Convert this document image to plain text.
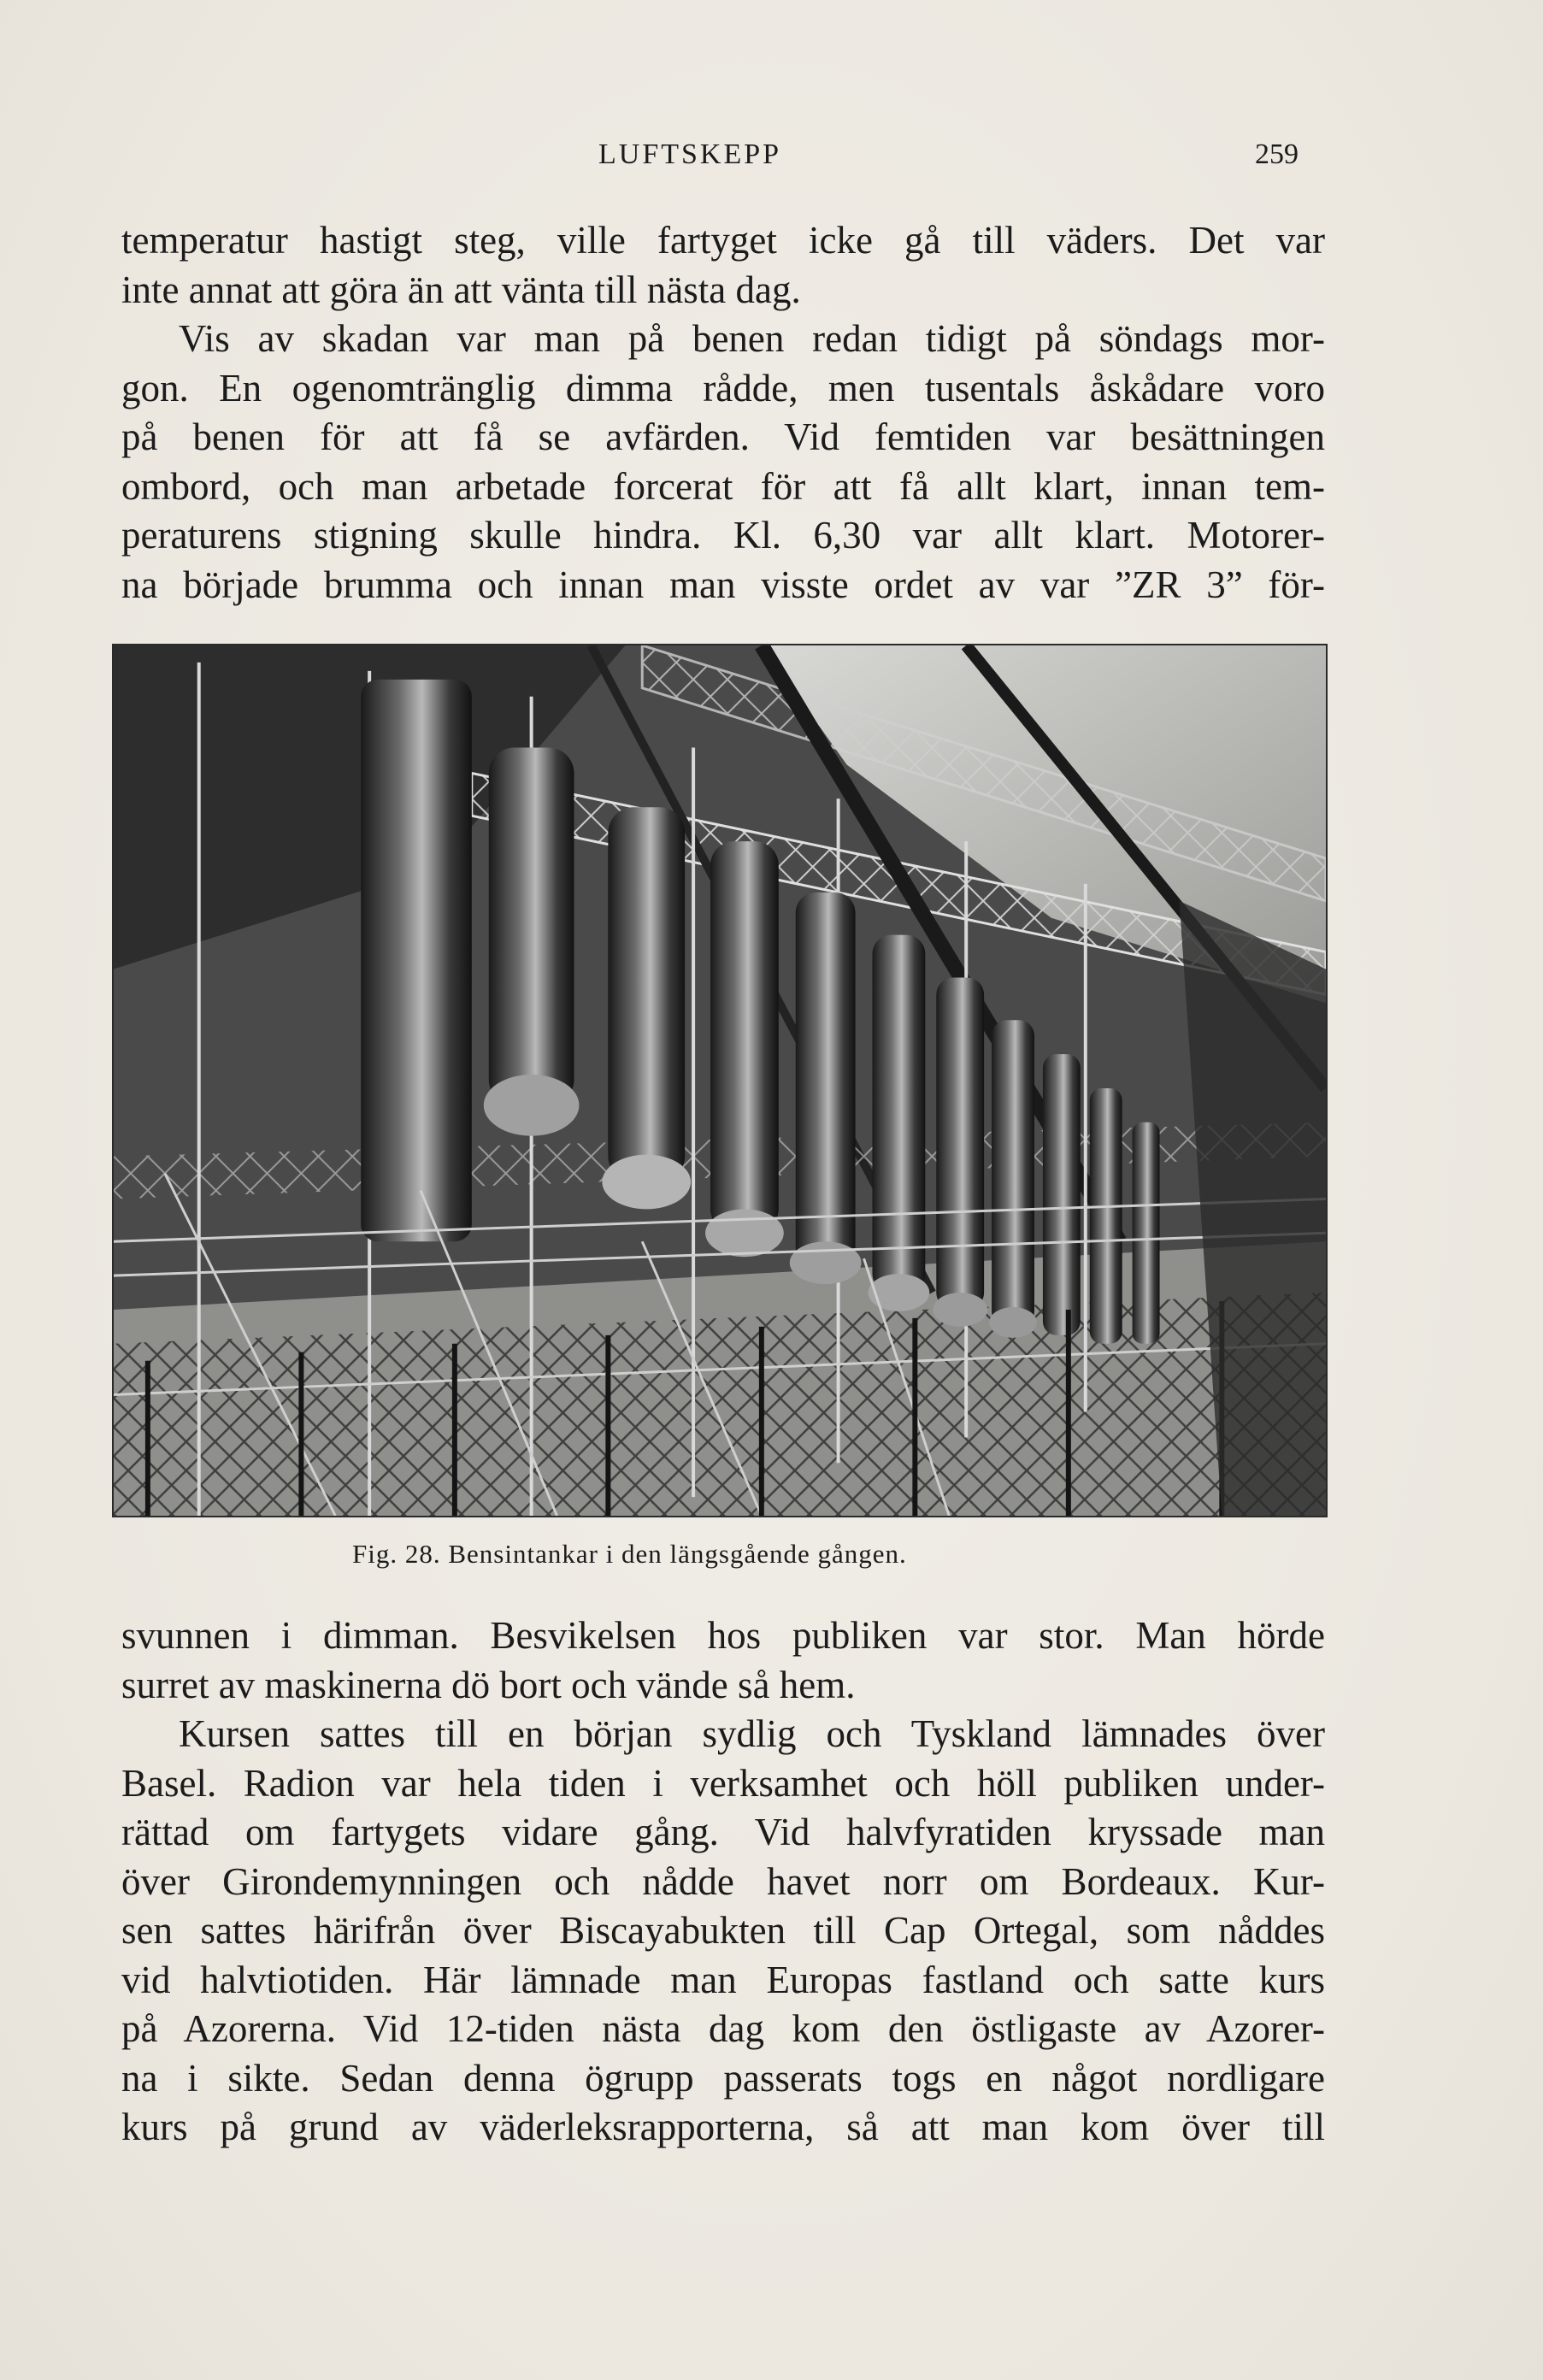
LUFTSKEPP	259
temperatur hastigt steg, ville fartyget icke gå till väders. Det var
inte annat att göra än att vänta till nästa dag.
Vis av skadan var man på benen redan tidigt på söndags mor-
gon. En ogenomtränglig dimma rådde, men tusentals åskådare voro
på benen för att få se avfärden. Vid femtiden var besättningen
ombord, och man arbetade forcerat för att få allt klart, innan tem-
peraturens stigning skulle hindra. Kl. 6,30 var allt klart. Motorer-
na började brumma och innan man visste ordet av var ”ZR 3” för-
Fig. 28. Bensintankar i den längsgående gången.
svunnen i dimman. Besvikelsen hos publiken var stor. Man hörde
surret av maskinerna dö bort och vände så hem.
Kursen sattes till en början sydlig och Tyskland lämnades över
Basel. Radion var hela tiden i verksamhet och höll publiken under-
rättad om fartygets vidare gång. Vid halvfyratiden kryssade man
över Girondemynningen och nådde havet norr om Bordeaux. Kur-
sen sattes härifrån över Biscayabukten till Cap Ortegal, som nåddes
vid halvtiotiden. Här lämnade man Europas fastland och satte kurs
på Azorerna. Vid 12-tiden nästa dag kom den östligaste av Azorer-
na i sikte. Sedan denna ögrupp passerats togs en något nordligare
kurs på grund av väderleksrapporterna, så att man kom över till
